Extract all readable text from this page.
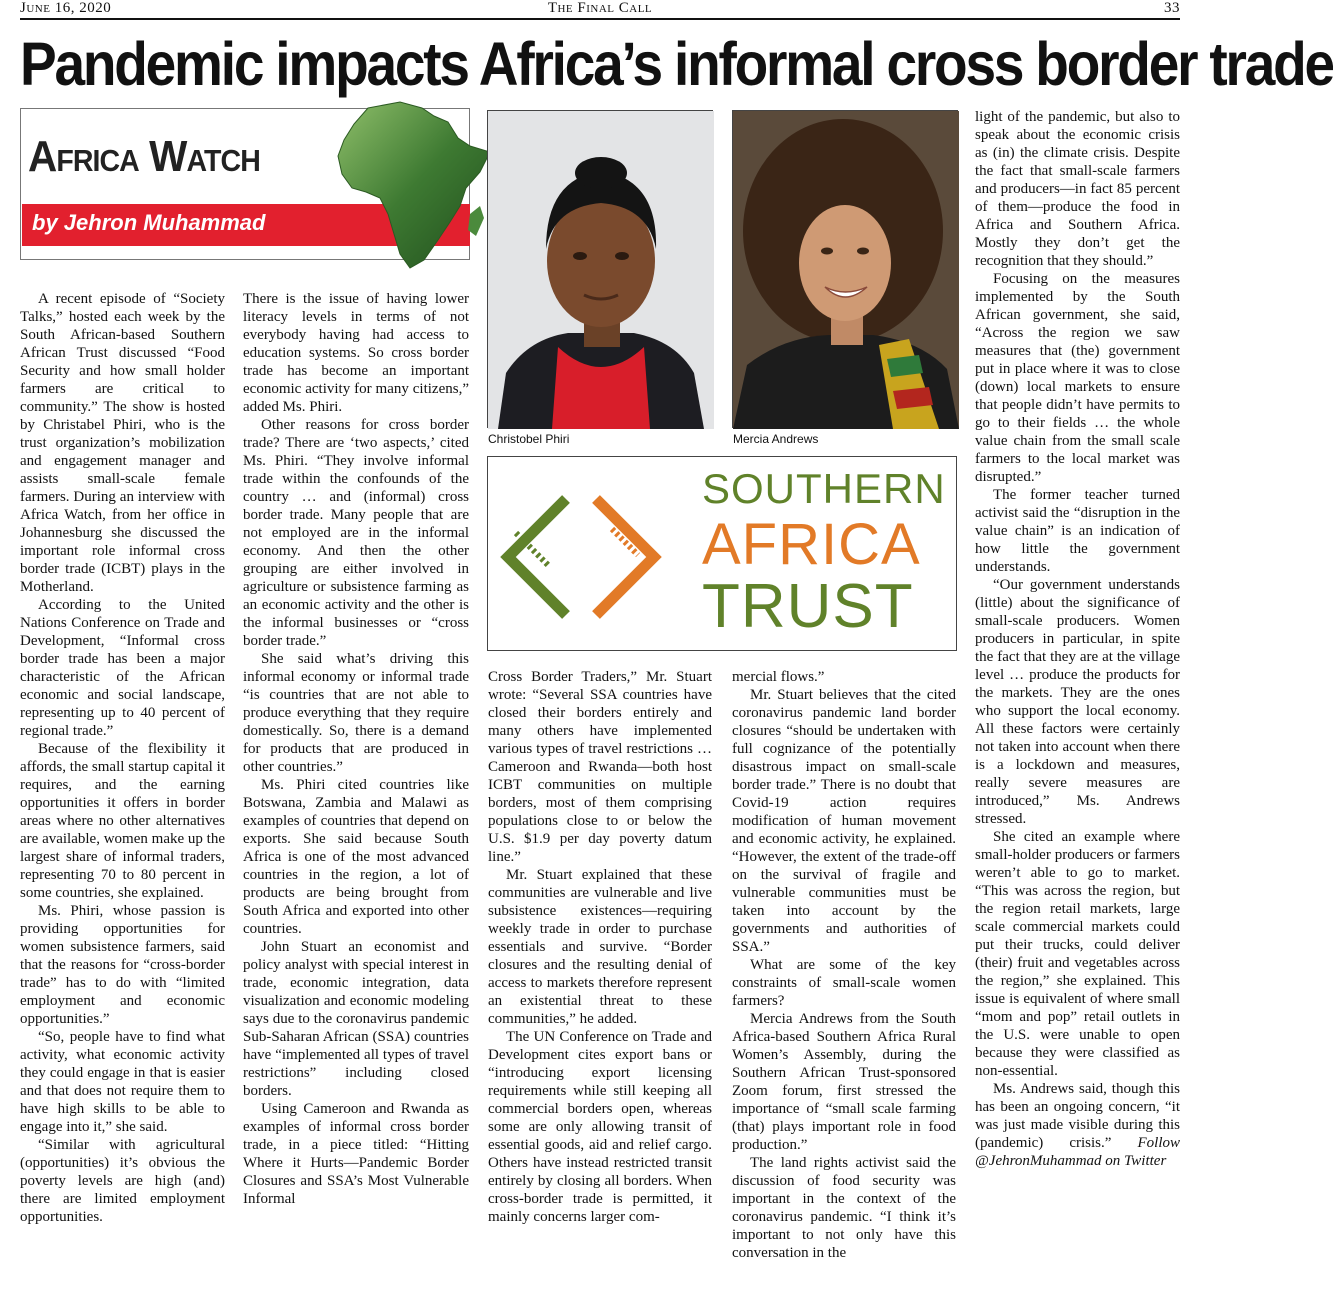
June 16, 2020	The Final Call	33
Pandemic impacts Africa’s informal cross border trade
Africa Watch
by Jehron Muhammad
Christobel Phiri	Mercia Andrews
SOUTHERN
AFRICA
TRUST

A recent episode of “Society Talks,” hosted each week by the South African-based Southern African Trust discussed “Food Security and how small holder farmers are critical to community.” The show is hosted by Christabel Phiri, who is the trust organization’s mobilization and engagement manager and assists small-scale female farmers. During an interview with Africa Watch, from her office in Johannesburg she discussed the important role informal cross border trade (ICBT) plays in the Motherland.

According to the United Nations Conference on Trade and Development, “Informal cross border trade has been a major characteristic of the African economic and social landscape, representing up to 40 percent of regional trade.”

Because of the flexibility it affords, the small startup capital it requires, and the earning opportunities it offers in border areas where no other alternatives are available, women make up the largest share of informal traders, representing 70 to 80 percent in some countries, she explained.

Ms. Phiri, whose passion is providing opportunities for women subsistence farmers, said that the reasons for “cross-border trade” has to do with “limited employment and economic opportunities.”

“So, people have to find what activity, what economic activity they could engage in that is easier and that does not require them to have high skills to be able to engage into it,” she said.

“Similar with agricultural (opportunities) it’s obvious the poverty levels are high (and) there are limited employment opportunities.

There is the issue of having lower literacy levels in terms of not everybody having had access to education systems. So cross border trade has become an important economic activity for many citizens,” added Ms. Phiri.

Other reasons for cross border trade? There are ‘two aspects,’ cited Ms. Phiri. “They involve informal trade within the confounds of the country … and (informal) cross border trade. Many people that are not employed are in the informal economy. And then the other grouping are either involved in agriculture or subsistence farming as an economic activity and the other is the informal businesses or “cross border trade.”

She said what’s driving this informal economy or informal trade “is countries that are not able to produce everything that they require domestically. So, there is a demand for products that are produced in other countries.”

Ms. Phiri cited countries like Botswana, Zambia and Malawi as examples of countries that depend on exports. She said because South Africa is one of the most advanced countries in the region, a lot of products are being brought from South Africa and exported into other countries.

John Stuart an economist and policy analyst with special interest in trade, economic integration, data visualization and economic modeling says due to the coronavirus pandemic Sub-Saharan African (SSA) countries have “implemented all types of travel restrictions” including closed borders.

Using Cameroon and Rwanda as examples of informal cross border trade, in a piece titled: “Hitting Where it Hurts—Pandemic Border Closures and SSA’s Most Vulnerable Informal

Cross Border Traders,” Mr. Stuart wrote: “Several SSA countries have closed their borders entirely and many others have implemented various types of travel restrictions … Cameroon and Rwanda—both host ICBT communities on multiple borders, most of them comprising populations close to or below the U.S. $1.9 per day poverty datum line.”

Mr. Stuart explained that these communities are vulnerable and live subsistence existences—requiring weekly trade in order to purchase essentials and survive. “Border closures and the resulting denial of access to markets therefore represent an existential threat to these communities,” he added.

The UN Conference on Trade and Development cites export bans or “introducing export licensing requirements while still keeping all commercial borders open, whereas some are only allowing transit of essential goods, aid and relief cargo. Others have instead restricted transit entirely by closing all borders. When cross-border trade is permitted, it mainly concerns larger com-

mercial flows.”

Mr. Stuart believes that the cited coronavirus pandemic land border closures “should be undertaken with full cognizance of the potentially disastrous impact on small-scale border trade.” There is no doubt that Covid-19 action requires modification of human movement and economic activity, he explained. “However, the extent of the trade-off on the survival of fragile and vulnerable communities must be taken into account by the governments and authorities of SSA.”

What are some of the key constraints of small-scale women farmers?

Mercia Andrews from the South Africa-based Southern Africa Rural Women’s Assembly, during the Southern African Trust-sponsored Zoom forum, first stressed the importance of “small scale farming (that) plays important role in food production.”

The land rights activist said the discussion of food security was important in the context of the coronavirus pandemic. “I think it’s important to not only have this conversation in the

light of the pandemic, but also to speak about the economic crisis as (in) the climate crisis. Despite the fact that small-scale farmers and producers—in fact 85 percent of them—produce the food in Africa and Southern Africa. Mostly they don’t get the recognition that they should.”

Focusing on the measures implemented by the South African government, she said, “Across the region we saw measures that (the) government put in place where it was to close (down) local markets to ensure that people didn’t have permits to go to their fields … the whole value chain from the small scale farmers to the local market was disrupted.”

The former teacher turned activist said the “disruption in the value chain” is an indication of how little the government understands.

“Our government understands (little) about the significance of small-scale producers. Women producers in particular, in spite the fact that they are at the village level … produce the products for the markets. They are the ones who support the local economy. All these factors were certainly not taken into account when there is a lockdown and measures, really severe measures are introduced,” Ms. Andrews stressed.

She cited an example where small-holder producers or farmers weren’t able to go to market. “This was across the region, but the region retail markets, large scale commercial markets could put their trucks, could deliver (their) fruit and vegetables across the region,” she explained. This issue is equivalent of where small “mom and pop” retail outlets in the U.S. were unable to open because they were classified as non-essential.

Ms. Andrews said, though this has been an ongoing concern, “it was just made visible during this (pandemic) crisis.” Follow @JehronMuhammad on Twitter
